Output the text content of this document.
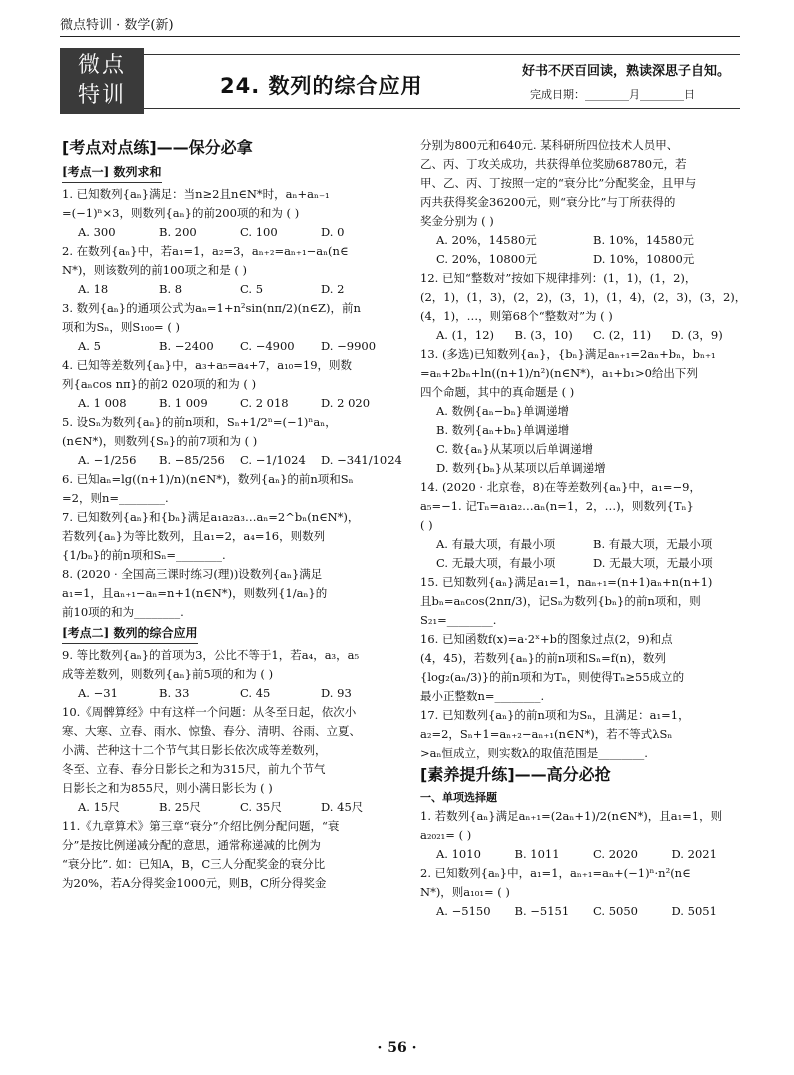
微点特训 · 数学(新)
微点
特训	24. 数列的综合应用
好书不厌百回读，熟读深思子自知。
完成日期：________月________日
[考点对点练]——保分必拿
[考点一] 数列求和

1. 已知数列{aₙ}满足：当n≥2且n∈N*时，aₙ+aₙ₋₁

=(−1)ⁿ×3，则数列{aₙ}的前200项的和为 ( )

A. 300	B. 200	C. 100	D. 0

2. 在数列{aₙ}中，若a₁=1，a₂=3，aₙ₊₂=aₙ₊₁−aₙ(n∈

N*)，则该数列的前100项之和是 ( )

A. 18	B. 8	C. 5	D. 2

3. 数列{aₙ}的通项公式为aₙ=1+n²sin(nπ/2)(n∈Z)，前n

项和为Sₙ，则S₁₀₀= ( )

A. 5	B. −2400	C. −4900	D. −9900

4. 已知等差数列{aₙ}中，a₃+a₅=a₄+7，a₁₀=19，则数

列{aₙcos nπ}的前2 020项的和为 ( )

A. 1 008	B. 1 009	C. 2 018	D. 2 020

5. 设Sₙ为数列{aₙ}的前n项和，Sₙ+1/2ⁿ=(−1)ⁿaₙ，

(n∈N*)，则数列{Sₙ}的前7项和为 ( )

A. −1/256	B. −85/256	C. −1/1024	D. −341/1024

6. 已知aₙ=lg((n+1)/n)(n∈N*)，数列{aₙ}的前n项和Sₙ

=2，则n=________.

7. 已知数列{aₙ}和{bₙ}满足a₁a₂a₃…aₙ=2^bₙ(n∈N*)，

若数列{aₙ}为等比数列，且a₁=2，a₄=16，则数列

{1/bₙ}的前n项和Sₙ=________.

8. (2020 · 全国高三课时练习(理))设数列{aₙ}满足

a₁=1，且aₙ₊₁−aₙ=n+1(n∈N*)，则数列{1/aₙ}的

前10项的和为________.

[考点二] 数列的综合应用

9. 等比数列{aₙ}的首项为3，公比不等于1，若a₄，a₃，a₅

成等差数列，则数列{aₙ}前5项的和为 ( )

A. −31	B. 33	C. 45	D. 93

10.《周髀算经》中有这样一个问题：从冬至日起，依次小

寒、大寒、立春、雨水、惊蛰、春分、清明、谷雨、立夏、

小满、芒种这十二个节气其日影长依次成等差数列，

冬至、立春、春分日影长之和为315尺，前九个节气

日影长之和为855尺，则小满日影长为 ( )

A. 15尺	B. 25尺	C. 35尺	D. 45尺

11.《九章算术》第三章“衰分”介绍比例分配问题，“衰

分”是按比例递减分配的意思，通常称递减的比例为

“衰分比”. 如：已知A，B，C三人分配奖金的衰分比

为20%，若A分得奖金1000元，则B，C所分得奖金

分别为800元和640元. 某科研所四位技术人员甲、

乙、丙、丁攻关成功，共获得单位奖励68780元，若

甲、乙、丙、丁按照一定的“衰分比”分配奖金，且甲与

丙共获得奖金36200元，则“衰分比”与丁所获得的

奖金分别为 ( )

A. 20%，14580元	B. 10%，14580元
C. 20%，10800元	D. 10%，10800元

12. 已知“整数对”按如下规律排列：(1，1)，(1，2)，

(2，1)，(1，3)，(2，2)，(3，1)，(1，4)，(2，3)，(3，2)，

(4，1)，…，则第68个“整数对”为 ( )

A. (1，12)	B. (3，10)	C. (2，11)	D. (3，9)

13. (多选)已知数列{aₙ}，{bₙ}满足aₙ₊₁=2aₙ+bₙ，bₙ₊₁

=aₙ+2bₙ+ln((n+1)/n²)(n∈N*)，a₁+b₁>0给出下列

四个命题，其中的真命题是 ( )

A. 数例{aₙ−bₙ}单调递增
B. 数列{aₙ+bₙ}单调递增
C. 数{aₙ}从某项以后单调递增
D. 数列{bₙ}从某项以后单调递增

14. (2020 · 北京卷，8)在等差数列{aₙ}中，a₁=−9，

a₅=−1. 记Tₙ=a₁a₂…aₙ(n=1，2，…)，则数列{Tₙ}

( )

A. 有最大项，有最小项	B. 有最大项，无最小项
C. 无最大项，有最小项	D. 无最大项，无最小项

15. 已知数列{aₙ}满足a₁=1，naₙ₊₁=(n+1)aₙ+n(n+1)

且bₙ=aₙcos(2nπ/3)，记Sₙ为数列{bₙ}的前n项和，则

S₂₁=________.

16. 已知函数f(x)=a·2ˣ+b的图象过点(2，9)和点

(4，45)，若数列{aₙ}的前n项和Sₙ=f(n)，数列

{log₂(aₙ/3)}的前n项和为Tₙ，则使得Tₙ≥55成立的

最小正整数n=________.

17. 已知数列{aₙ}的前n项和为Sₙ，且满足：a₁=1，

a₂=2，Sₙ+1=aₙ₊₂−aₙ₊₁(n∈N*)，若不等式λSₙ

>aₙ恒成立，则实数λ的取值范围是________.

[素养提升练]——高分必抢
一、单项选择题

1. 若数列{aₙ}满足aₙ₊₁=(2aₙ+1)/2(n∈N*)，且a₁=1，则

a₂₀₂₁= ( )

A. 1010	B. 1011	C. 2020	D. 2021

2. 已知数列{aₙ}中，a₁=1，aₙ₊₁=aₙ+(−1)ⁿ·n²(n∈

N*)，则a₁₀₁= ( )

A. −5150	B. −5151	C. 5050	D. 5051
· 56 ·
